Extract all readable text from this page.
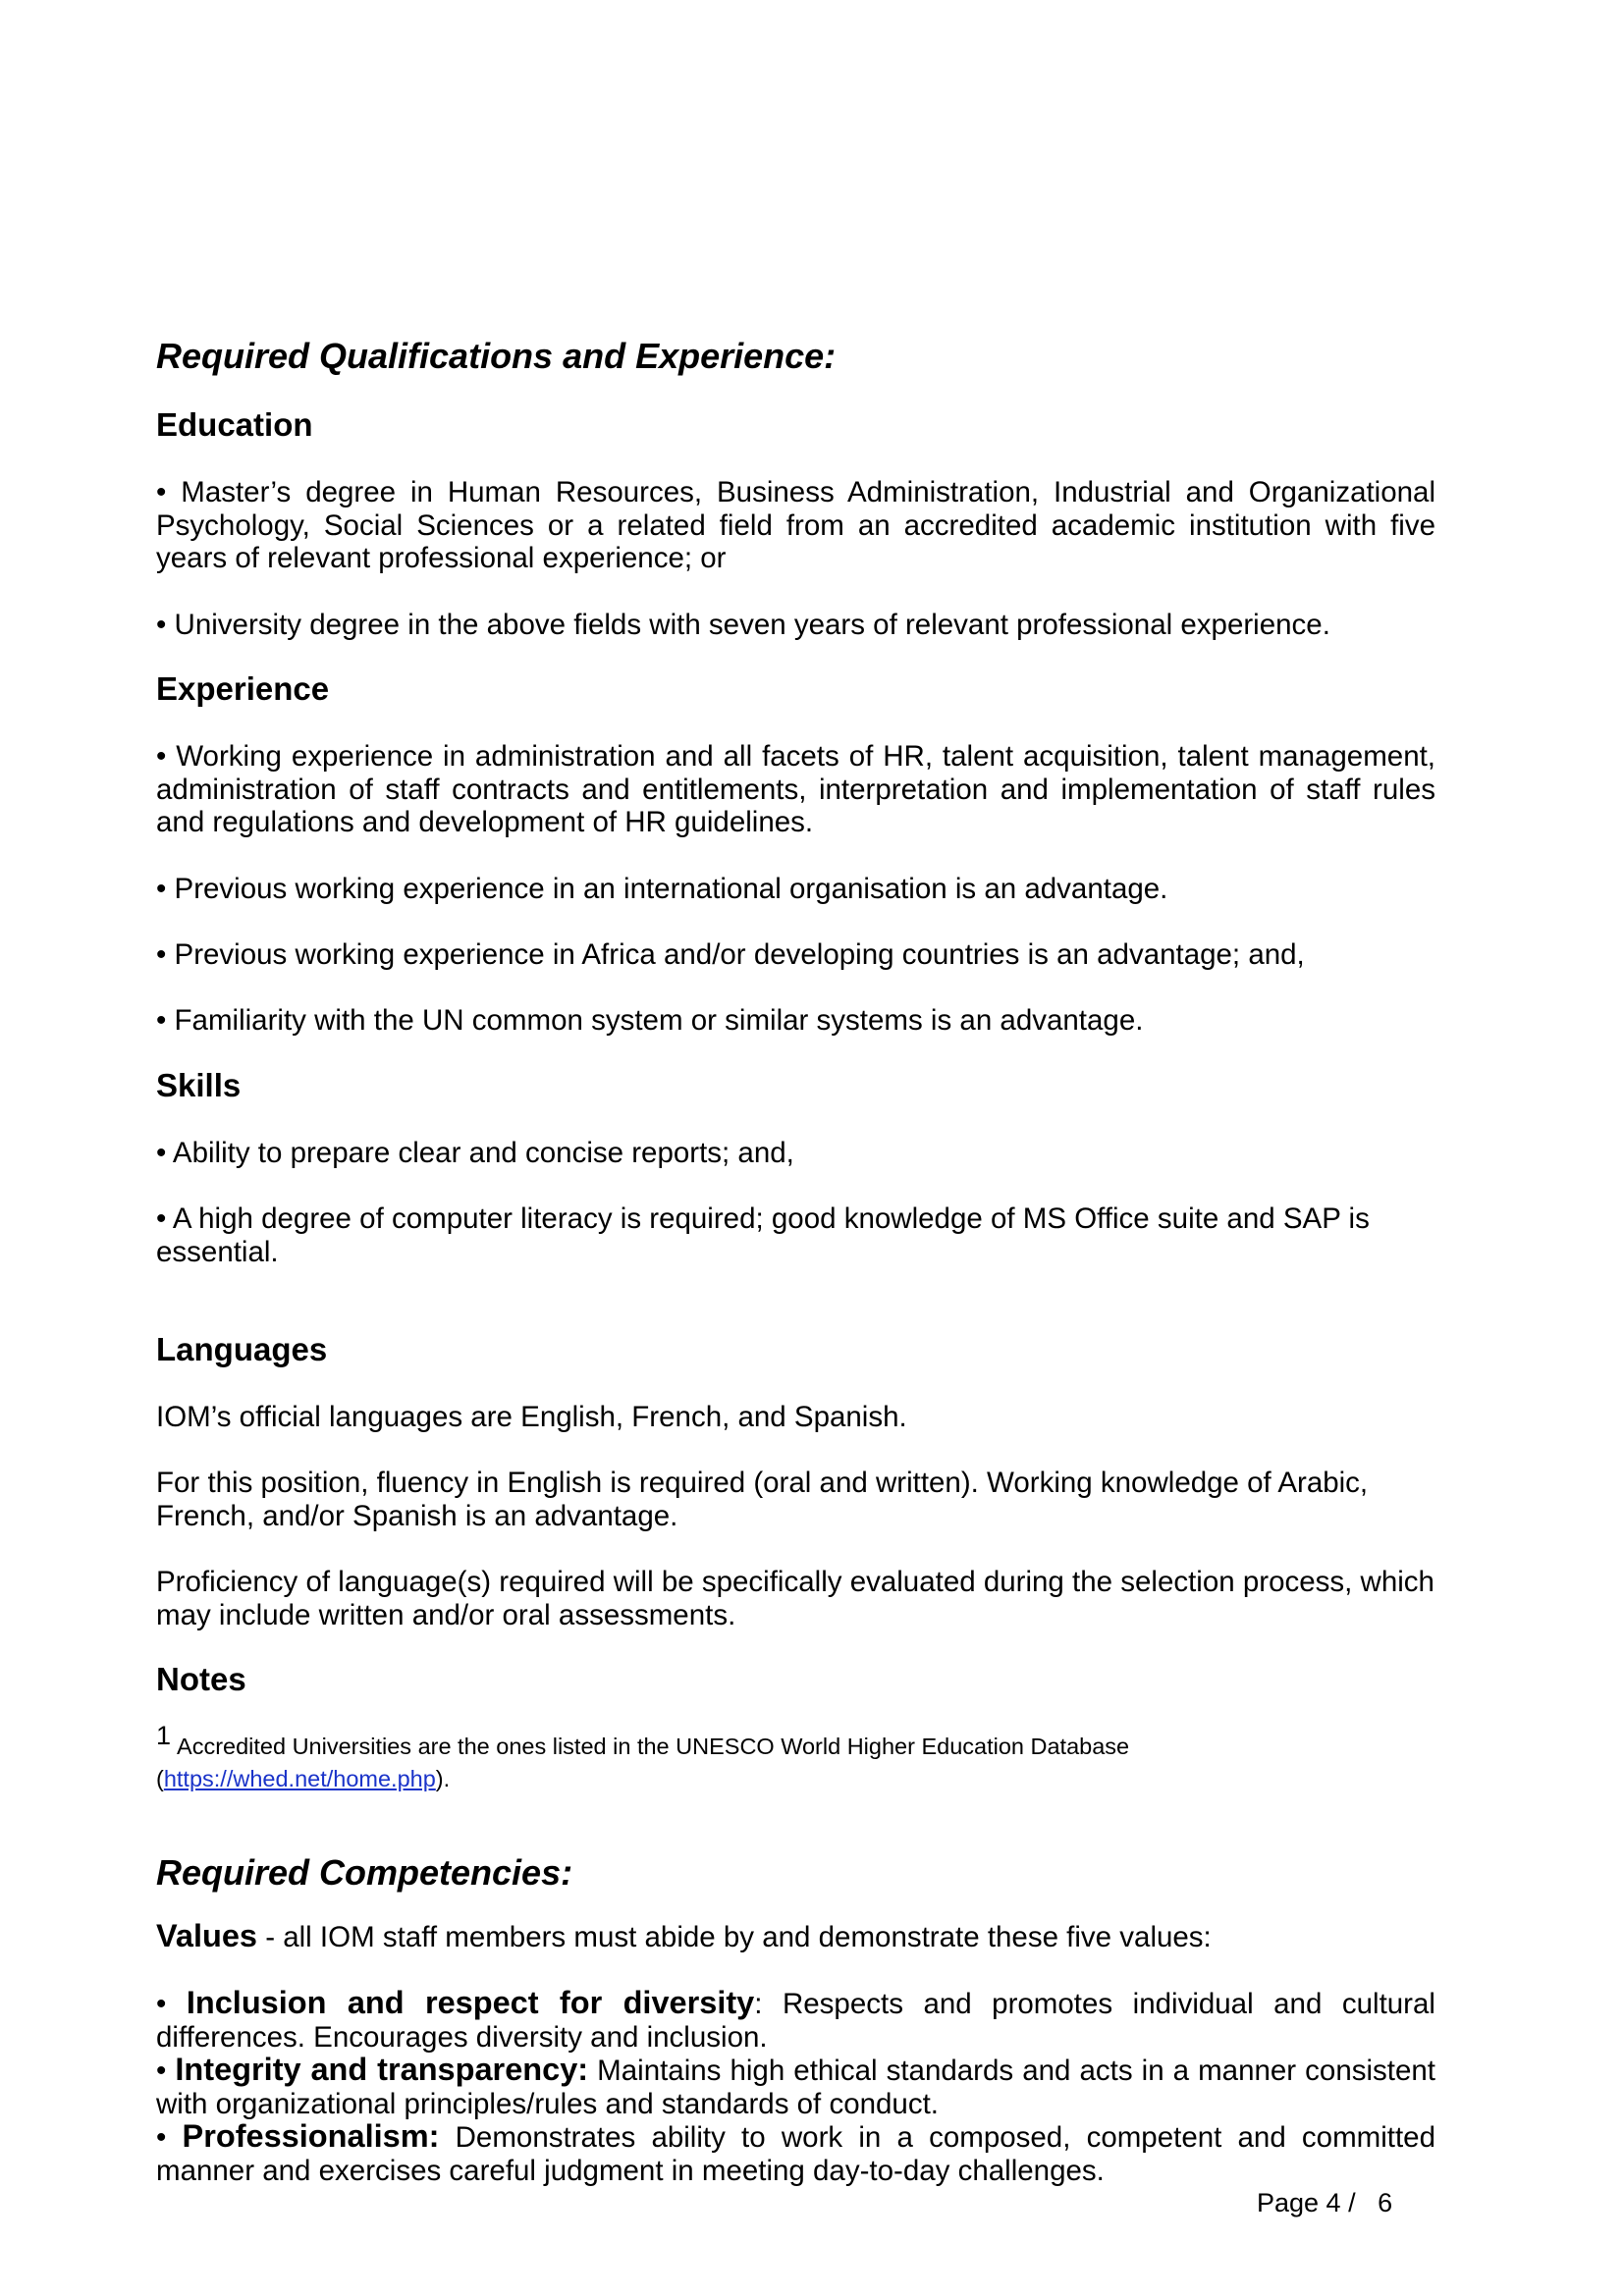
Required Qualifications and Experience:
Education

• Master’s degree in Human Resources, Business Administration, Industrial and Organizational Psychology, Social Sciences or a related field from an accredited academic institution with five years of relevant professional experience; or

• University degree in the above fields with seven years of relevant professional experience.

Experience

• Working experience in administration and all facets of HR, talent acquisition, talent management, administration of staff contracts and entitlements, interpretation and implementation of staff rules and regulations and development of HR guidelines.

• Previous working experience in an international organisation is an advantage.

• Previous working experience in Africa and/or developing countries is an advantage; and,

• Familiarity with the UN common system or similar systems is an advantage.

Skills

• Ability to prepare clear and concise reports; and,

• A high degree of computer literacy is required; good knowledge of MS Office suite and SAP is essential.

Languages

IOM’s official languages are English, French, and Spanish.

For this position, fluency in English is required (oral and written). Working knowledge of Arabic, French, and/or Spanish is an advantage.

Proficiency of language(s) required will be specifically evaluated during the selection process, which may include written and/or oral assessments.

Notes

1 Accredited Universities are the ones listed in the UNESCO World Higher Education Database
(https://whed.net/home.php).

Required Competencies:

Values - all IOM staff members must abide by and demonstrate these five values:

• Inclusion and respect for diversity: Respects and promotes individual and cultural differences. Encourages diversity and inclusion.

• Integrity and transparency: Maintains high ethical standards and acts in a manner consistent with organizational principles/rules and standards of conduct.

• Professionalism: Demonstrates ability to work in a composed, competent and committed manner and exercises careful judgment in meeting day-to-day challenges.

Page 4 / 6
